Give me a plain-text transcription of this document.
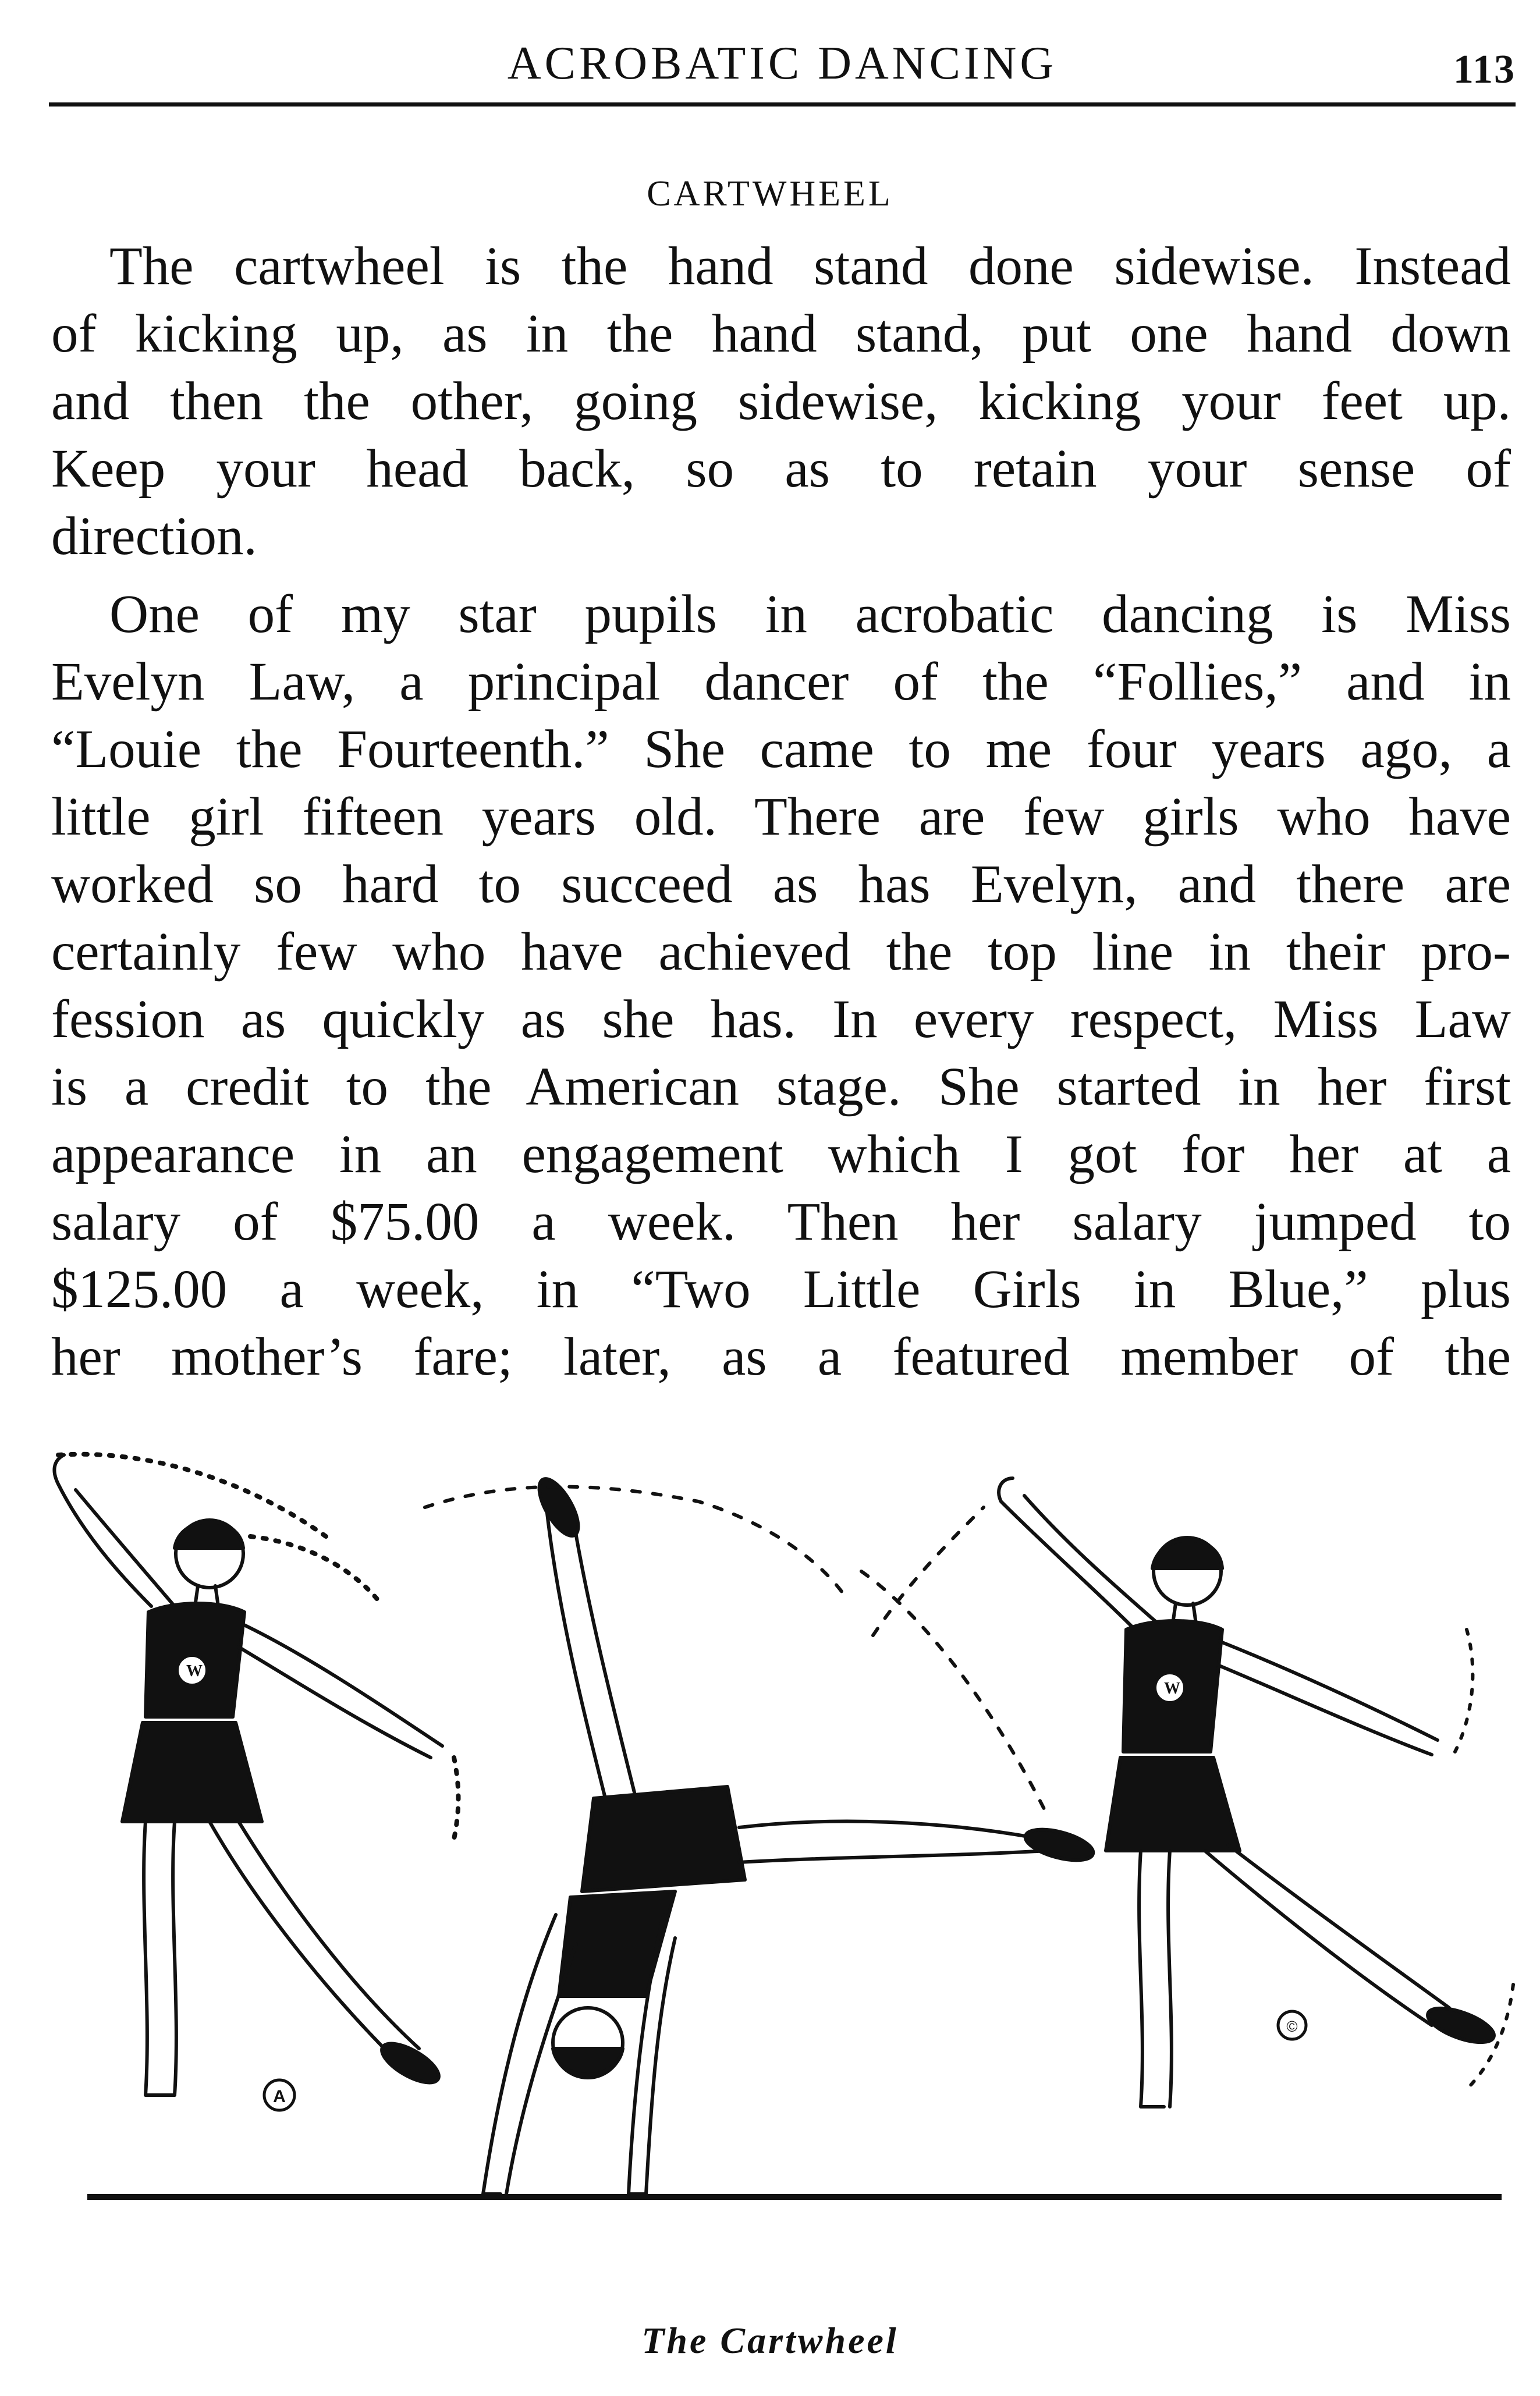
ACROBATIC DANCING	113
CARTWHEEL
The cartwheel is the hand stand done sidewise. Instead
of kicking up, as in the hand stand, put one hand down
and then the other, going sidewise, kicking your feet up.
Keep your head back, so as to retain your sense of
direction.
One of my star pupils in acrobatic dancing is Miss
Evelyn Law, a principal dancer of the “Follies,” and in
“Louie the Fourteenth.” She came to me four years ago, a
little girl fifteen years old. There are few girls who have
worked so hard to succeed as has Evelyn, and there are
certainly few who have achieved the top line in their pro-
fession as quickly as she has. In every respect, Miss Law
is a credit to the American stage. She started in her first
appearance in an engagement which I got for her at a
salary of $75.00 a week. Then her salary jumped to
$125.00 a week, in “Two Little Girls in Blue,” plus
her mother’s fare; later, as a featured member of the
A
W
©
W
The Cartwheel
